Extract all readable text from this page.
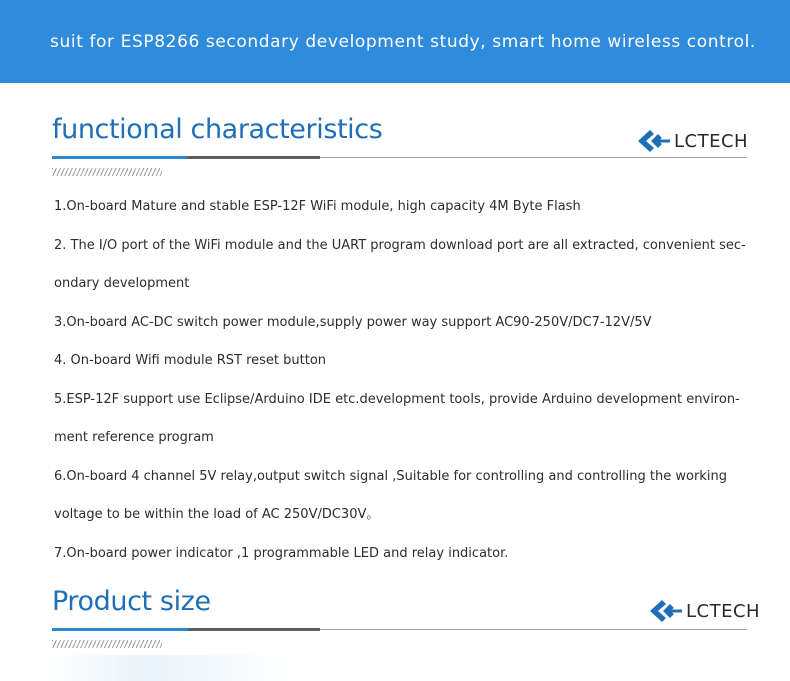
suit for ESP8266 secondary development study, smart home wireless control.
functional characteristics	LCTECH
1.On-board Mature and stable ESP-12F WiFi module, high capacity 4M Byte Flash
2. The I/O port of the WiFi module and the UART program download port are all extracted, convenient sec-
ondary development
3.On-board AC-DC switch power module,supply power way support AC90-250V/DC7-12V/5V
4. On-board Wifi module RST reset button
5.ESP-12F support use Eclipse/Arduino IDE etc.development tools, provide Arduino development environ-
ment reference program
6.On-board 4 channel 5V relay,output switch signal ,Suitable for controlling and controlling the working
voltage to be within the load of AC 250V/DC30V。
7.On-board power indicator ,1 programmable LED and relay indicator.
Product size	LCTECH
